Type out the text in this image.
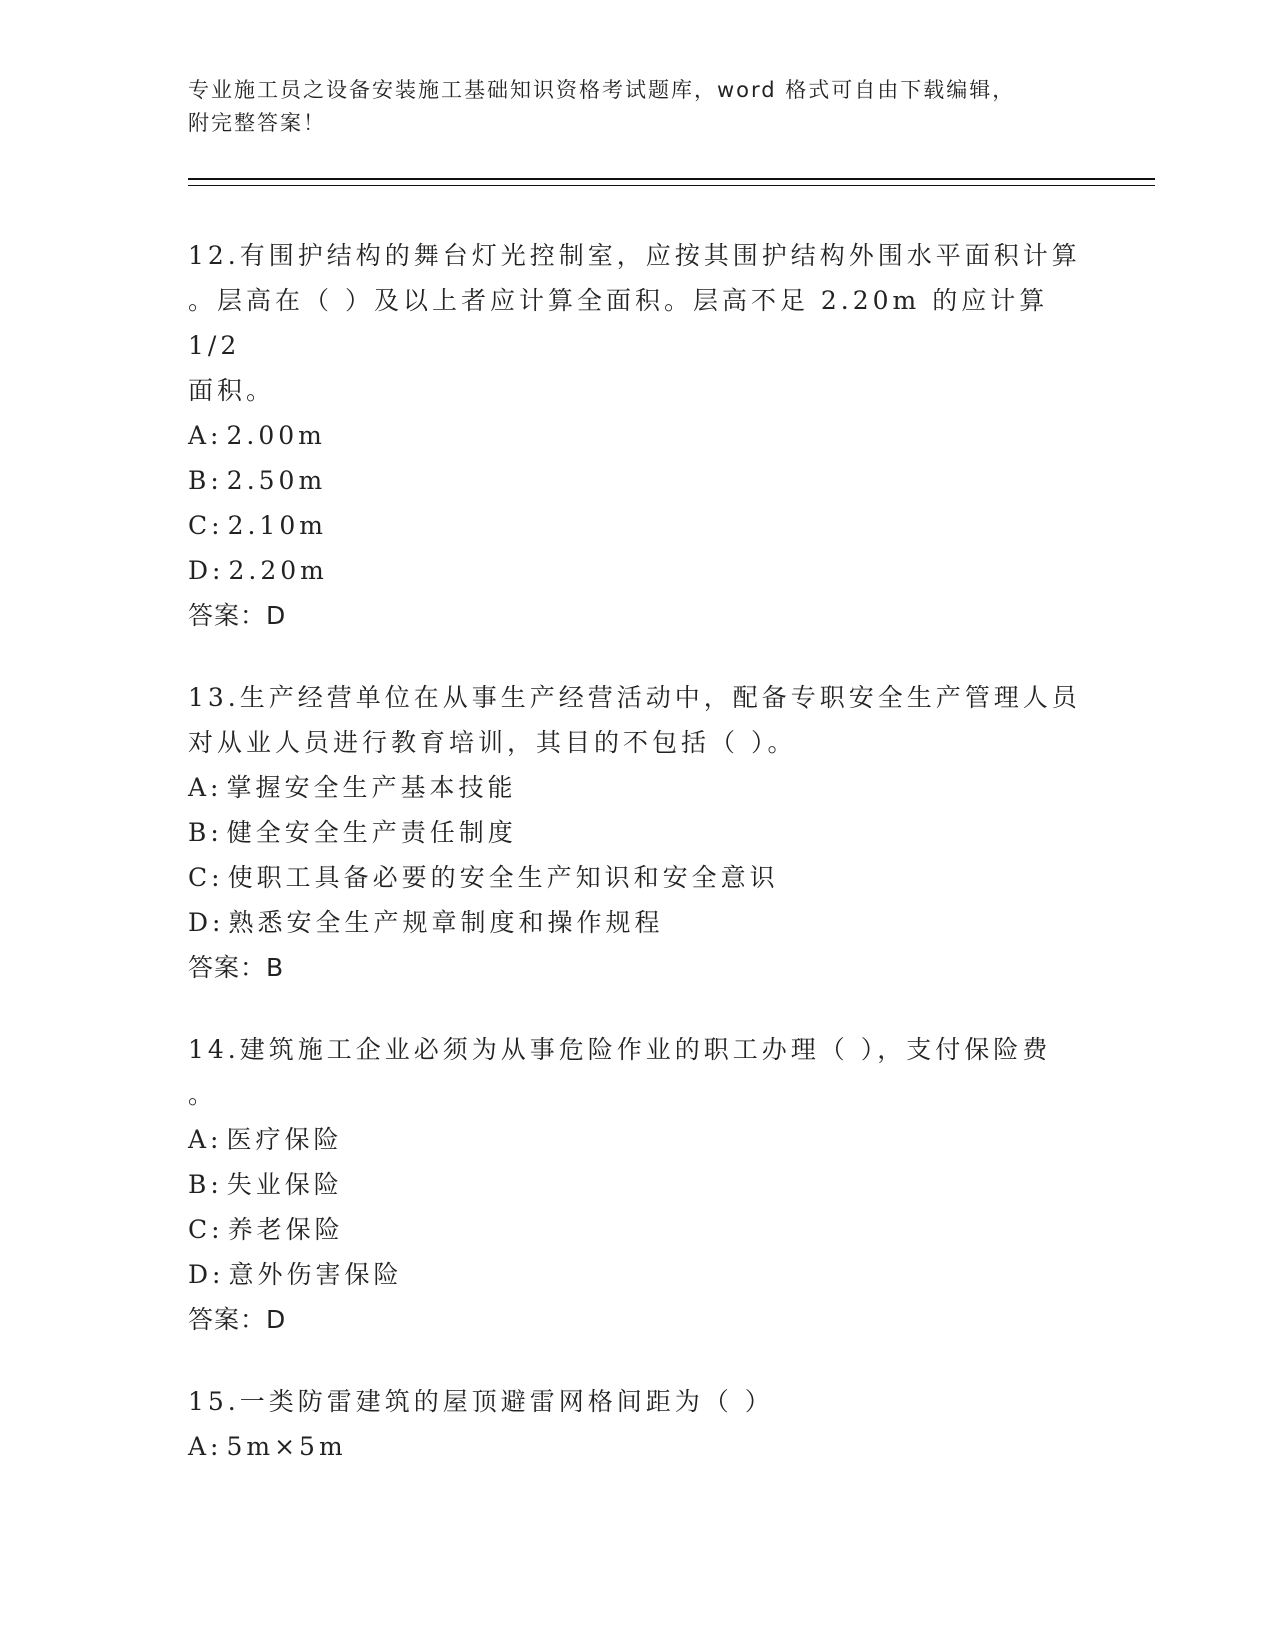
专业施工员之设备安装施工基础知识资格考试题库，word 格式可自由下载编辑，
附完整答案！

12.有围护结构的舞台灯光控制室，应按其围护结构外围水平面积计算

。层高在（ ）及以上者应计算全面积。层高不足 2.20m 的应计算 1/2

面积。

A: 2.00m

B: 2.50m

C: 2.10m

D: 2.20m

答案：D

13.生产经营单位在从事生产经营活动中，配备专职安全生产管理人员

对从业人员进行教育培训，其目的不包括（ ）。

A: 掌握安全生产基本技能

B: 健全安全生产责任制度

C: 使职工具备必要的安全生产知识和安全意识

D: 熟悉安全生产规章制度和操作规程

答案：B

14.建筑施工企业必须为从事危险作业的职工办理（ ），支付保险费

。

A: 医疗保险

B: 失业保险

C: 养老保险

D: 意外伤害保险

答案：D

15.一类防雷建筑的屋顶避雷网格间距为（ ）

A: 5m×5m
